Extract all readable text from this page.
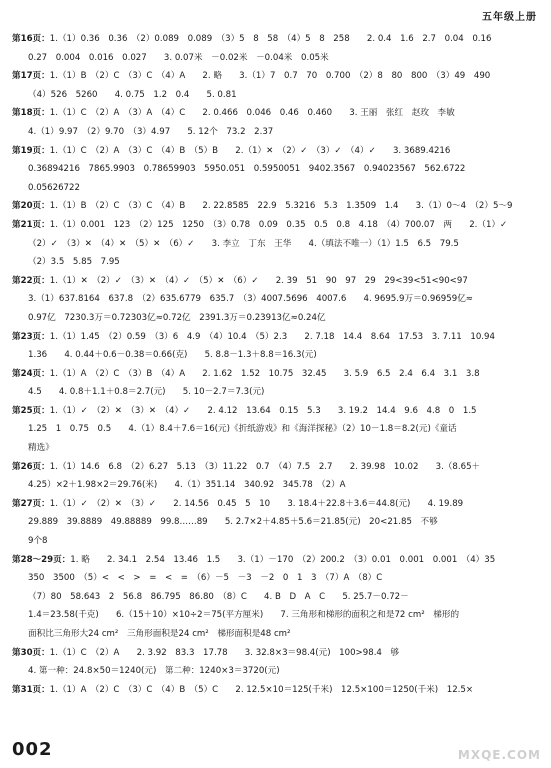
五年级上册
第16页：1.（1）0.36　0.36　（2）0.089　0.089　（3）5　8　58　（4）5　8　258　　2. 0.4　1.6　2.7　0.04　0.16
0.27　0.004　0.016　0.027　　3. 0.07米　－0.02米　－0.04米　0.05米
第17页：1.（1）B　（2）C　（3）C　（4）A　　2. 略　　3.（1）7　0.7　70　0.700　（2）8　80　800　（3）49　490
（4）526　5260　　4. 0.75　1.2　0.4　　5. 0.81
第18页：1.（1）C　（2）A　（3）A　（4）C　　2. 0.466　0.046　0.46　0.460　　3. 王丽　张红　赵玫　李敏
4.（1）9.97　（2）9.70　（3）4.97　　5. 12个　73.2　2.37
第19页：1.（1）C　（2）A　（3）C　（4）B　（5）B　　2.（1）✕　（2）✓　（3）✓　（4）✓　　3. 3689.4216
0.36894216　7865.9903　0.78659903　5950.051　0.5950051　9402.3567　0.94023567　562.6722
0.05626722
第20页：1.（1）B　（2）C　（3）C　（4）B　　2. 22.8585　22.9　5.3216　5.3　1.3509　1.4　　3.（1）0～4　（2）5～9
第21页：1.（1）0.001　123　（2）125　1250　（3）0.78　0.09　0.35　0.5　0.8　4.18　（4）700.07　两　　2.（1）✓
（2）✓　（3）✕　（4）✕　（5）✕　（6）✓　　3. 李立　丁东　王华　　4.（填法不唯一）（1）1.5　6.5　79.5
（2）3.5　5.85　7.95
第22页：1.（1）✕　（2）✓　（3）✕　（4）✓　（5）✕　（6）✓　　2. 39　51　90　97　29　29<39<51<90<97
3.（1）637.8164　637.8　（2）635.6779　635.7　（3）4007.5696　4007.6　　4. 9695.9万＝0.96959亿≈
0.97亿　7230.3万＝0.72303亿≈0.72亿　2391.3万＝0.23913亿≈0.24亿
第23页：1.（1）1.45　（2）0.59　（3）6　4.9　（4）10.4　（5）2.3　　2. 7.18　14.4　8.64　17.53　3. 7.11　10.94
1.36　　4. 0.44＋0.6－0.38＝0.66(克)　　5. 8.8－1.3＋8.8＝16.3(元)
第24页：1.（1）A　（2）C　（3）B　（4）A　　2. 1.62　1.52　10.75　32.45　　3. 5.9　6.5　2.4　6.4　3.1　3.8
4.5　　4. 0.8＋1.1＋0.8＝2.7(元)　　5. 10－2.7＝7.3(元)
第25页：1.（1）✓　（2）✕　（3）✕　（4）✓　　2. 4.12　13.64　0.15　5.3　　3. 19.2　14.4　9.6　4.8　0　1.5
1.25　1　0.75　0.5　　4.（1）8.4＋7.6＝16(元)《折纸游戏》和《海洋探秘》（2）10－1.8＝8.2(元)《童话
精选》
第26页：1.（1）14.6　6.8　（2）6.27　5.13　（3）11.22　0.7　（4）7.5　2.7　　2. 39.98　10.02　　3.（8.65＋
4.25）×2＋1.98×2＝29.76(米)　　4.（1）351.14　340.92　345.78　（2）A
第27页：1.（1）✓　（2）✕　（3）✓　　2. 14.56　0.45　5　10　　3. 18.4＋22.8＋3.6＝44.8(元)　　4. 19.89
29.889　39.8889　49.88889　99.8……89　　5. 2.7×2＋4.85＋5.6＝21.85(元)　20<21.85　不够
9个8
第28～29页：1. 略　　2. 34.1　2.54　13.46　1.5　　3.（1）－170　（2）200.2　（3）0.01　0.001　0.001　（4）35
350　3500　（5）<　<　>　=　<　=　（6）－5　－3　－2　0　1　3　（7）A　（8）C
（7）80　58.643　2　56.8　86.795　86.80　（8）C　　4. B　D　A　C　　5. 25.7－0.72－
1.4＝23.58(千克)　　6.（15＋10）×10÷2＝75(平方厘米)　　7. 三角形和梯形的面积之和是72 cm²　梯形的
面积比三角形大24 cm²　三角形面积是24 cm²　梯形面积是48 cm²
第30页：1.（1）C　（2）A　　2. 3.92　83.3　17.78　　3. 32.8×3＝98.4(元)　100>98.4　够
4. 第一种：24.8×50＝1240(元)　第二种：1240×3＝3720(元)
第31页：1.（1）A　（2）C　（3）C　（4）B　（5）C　　2. 12.5×10＝125(千米)　12.5×100＝1250(千米)　12.5×
002	MXQE.COM
